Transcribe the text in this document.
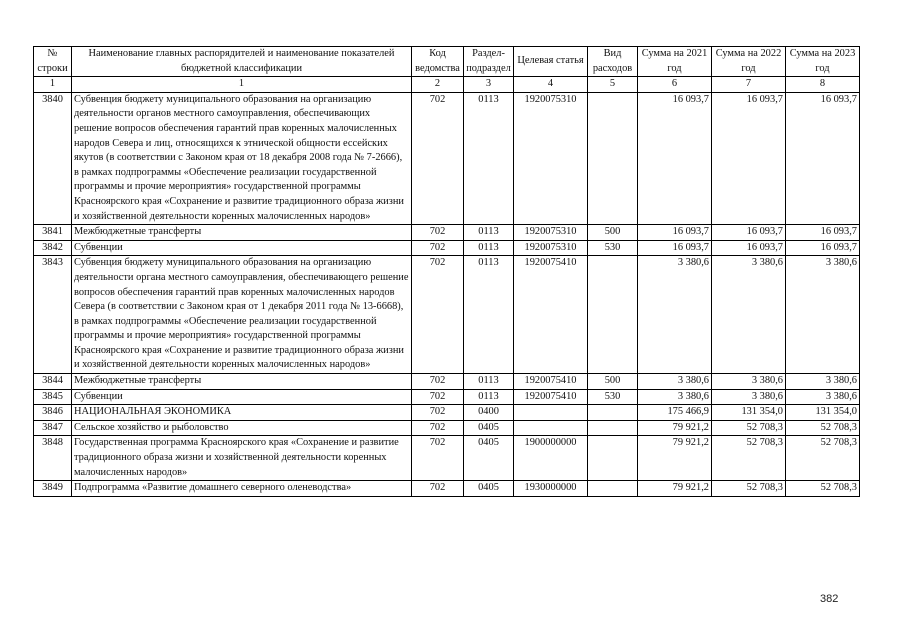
№ строки	Наименование главных распорядителей и наименование показателей бюджетной классификации	Код ведомства	Раздел-подраздел	Целевая статья	Вид расходов	Сумма на 2021 год	Сумма на 2022 год	Сумма на 2023 год
1	1	2	3	4	5	6	7	8
3840	Субвенция бюджету муниципального образования на организацию деятельности органов местного самоуправления, обеспечивающих решение вопросов обеспечения гарантий прав коренных малочисленных народов Севера и лиц, относящихся к этнической общности ессейских якутов (в соответствии с Законом края от 18 декабря 2008 года № 7-2666), в рамках подпрограммы «Обеспечение реализации государственной программы и прочие мероприятия» государственной программы Красноярского края «Сохранение и развитие традиционного образа жизни и хозяйственной деятельности коренных малочисленных народов»	702	0113	1920075310		16 093,7	16 093,7	16 093,7
3841	Межбюджетные трансферты	702	0113	1920075310	500	16 093,7	16 093,7	16 093,7
3842	Субвенции	702	0113	1920075310	530	16 093,7	16 093,7	16 093,7
3843	Субвенция бюджету муниципального образования на организацию деятельности органа местного самоуправления, обеспечивающего решение вопросов обеспечения гарантий прав коренных малочисленных народов Севера (в соответствии с Законом края от 1 декабря 2011 года № 13-6668), в рамках подпрограммы «Обеспечение реализации государственной программы и прочие мероприятия» государственной программы Красноярского края «Сохранение и развитие традиционного образа жизни и хозяйственной деятельности коренных малочисленных народов»	702	0113	1920075410		3 380,6	3 380,6	3 380,6
3844	Межбюджетные трансферты	702	0113	1920075410	500	3 380,6	3 380,6	3 380,6
3845	Субвенции	702	0113	1920075410	530	3 380,6	3 380,6	3 380,6
3846	НАЦИОНАЛЬНАЯ ЭКОНОМИКА	702	0400			175 466,9	131 354,0	131 354,0
3847	Сельское хозяйство и рыболовство	702	0405			79 921,2	52 708,3	52 708,3
3848	Государственная программа Красноярского края «Сохранение и развитие традиционного образа жизни и хозяйственной деятельности коренных малочисленных народов»	702	0405	1900000000		79 921,2	52 708,3	52 708,3
3849	Подпрограмма «Развитие домашнего северного оленеводства»	702	0405	1930000000		79 921,2	52 708,3	52 708,3
382
